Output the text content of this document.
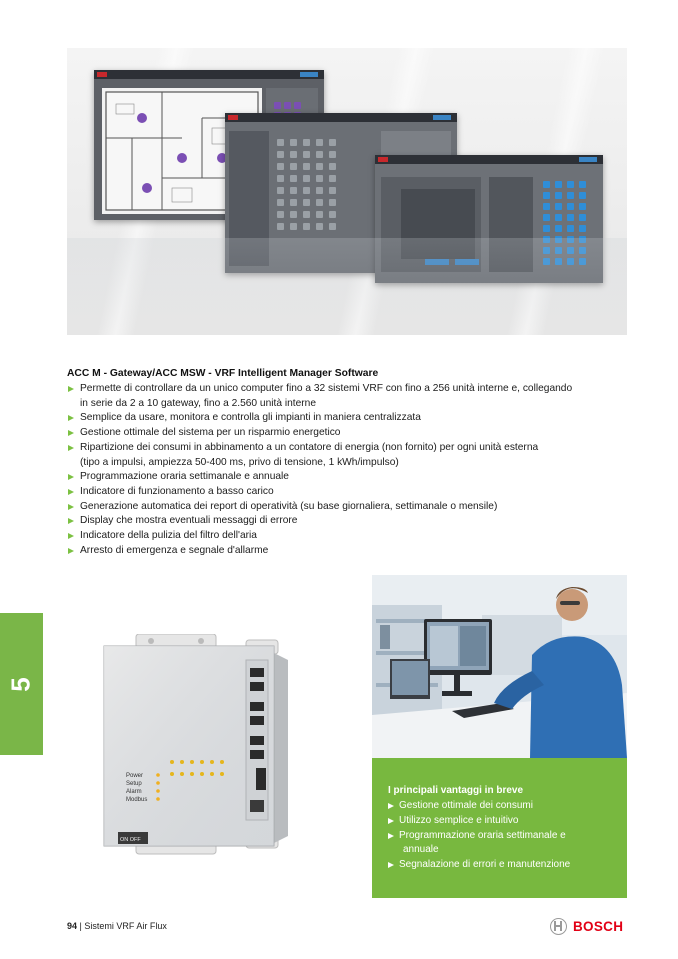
ACC M - Gateway/ACC MSW - VRF Intelligent Manager Software
Permette di controllare da un unico computer fino a 32 sistemi VRF con fino a 256 unità interne e, collegando
in serie da 2 a 10 gateway, fino a 2.560 unità interne
Semplice da usare, monitora e controlla gli impianti in maniera centralizzata
Gestione ottimale del sistema per un risparmio energetico
Ripartizione dei consumi in abbinamento a un contatore di energia (non fornito) per ogni unità esterna
(tipo a impulsi, ampiezza 50-400 ms, privo di tensione, 1 kWh/impulso)
Programmazione oraria settimanale e annuale
Indicatore di funzionamento a basso carico
Generazione automatica dei report di operatività (su base giornaliera, settimanale o mensile)
Display che mostra eventuali messaggi di errore
Indicatore della pulizia del filtro dell'aria
Arresto di emergenza e segnale d'allarme
5
Power
Setup
Alarm
Modbus
ON OFF
I principali vantaggi in breve
Gestione ottimale dei consumi
Utilizzo semplice e intuitivo
Programmazione oraria settimanale e
annuale
Segnalazione di errori e manutenzione
94 | Sistemi VRF Air Flux	BOSCH
